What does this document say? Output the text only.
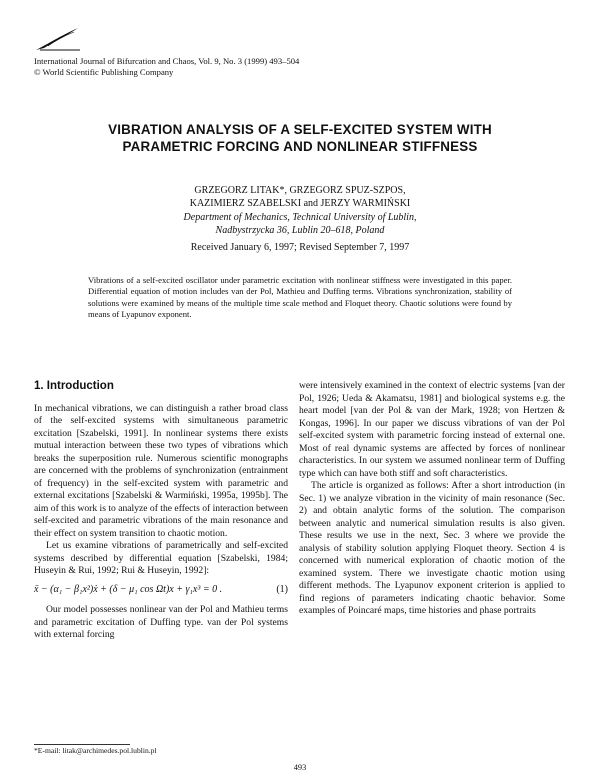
International Journal of Bifurcation and Chaos, Vol. 9, No. 3 (1999) 493–504
© World Scientific Publishing Company
VIBRATION ANALYSIS OF A SELF-EXCITED SYSTEM WITH
PARAMETRIC FORCING AND NONLINEAR STIFFNESS
GRZEGORZ LITAK*, GRZEGORZ SPUZ-SZPOS,
KAZIMIERZ SZABELSKI and JERZY WARMIŃSKI
Department of Mechanics, Technical University of Lublin,
Nadbystrzycka 36, Lublin 20–618, Poland
Received January 6, 1997; Revised September 7, 1997
Vibrations of a self-excited oscillator under parametric excitation with nonlinear stiffness were investigated in this paper. Differential equation of motion includes van der Pol, Mathieu and Duffing terms. Vibrations synchronization, stability of solutions were examined by means of the multiple time scale method and Floquet theory. Chaotic solutions were found by means of Lyapunov exponent.
1. Introduction

In mechanical vibrations, we can distinguish a rather broad class of the self-excited systems with simultaneous parametric excitation [Szabelski, 1991]. In nonlinear systems there exists mutual interaction between these two types of vibrations which breaks the superposition rule. Numerous scientific monographs are concerned with the problems of synchronization (entrainment of frequency) in the self-excited system with parametric and external excitations [Szabelski & Warmiński, 1995a, 1995b]. The aim of this work is to analyze of the effects of interaction between self-excited and parametric vibrations of the main resonance and their effect on system transition to chaotic motion.

Let us examine vibrations of parametrically and self-excited systems described by differential equation [Szabelski, 1984; Huseyin & Rui, 1992; Rui & Huseyin, 1992]:

ẍ − (α₁ − β₁x²)ẋ + (δ − μ₁ cos Ωt)x + γ₁x³ = 0 .	(1)

Our model possesses nonlinear van der Pol and Mathieu terms and parametric excitation of Duffing type. van der Pol systems with external forcing

were intensively examined in the context of electric systems [van der Pol, 1926; Ueda & Akamatsu, 1981] and biological systems e.g. the heart model [van der Pol & van der Mark, 1928; von Hertzen & Kongas, 1996]. In our paper we discuss vibrations of van der Pol self-excited system with parametric forcing instead of external one. Most of real dynamic systems are affected by forces of nonlinear characteristics. In our system we assumed nonlinear term of Duffing type which can have both stiff and soft characteristics.

The article is organized as follows: After a short introduction (in Sec. 1) we analyze vibration in the vicinity of main resonance (Sec. 2) and obtain analytic forms of the solution. The comparison between analytic and numerical simulation results is also given. These results we use in the next, Sec. 3 where we provide the analysis of stability solution applying Floquet theory. Section 4 is concerned with numerical exploration of chaotic motion of the examined system. There we investigate chaotic motion using different methods. The Lyapunov exponent criterion is applied to find regions of parameters indicating chaotic behavior. Some examples of Poincaré maps, time histories and phase portraits

*E-mail: litak@archimedes.pol.lublin.pl
493
